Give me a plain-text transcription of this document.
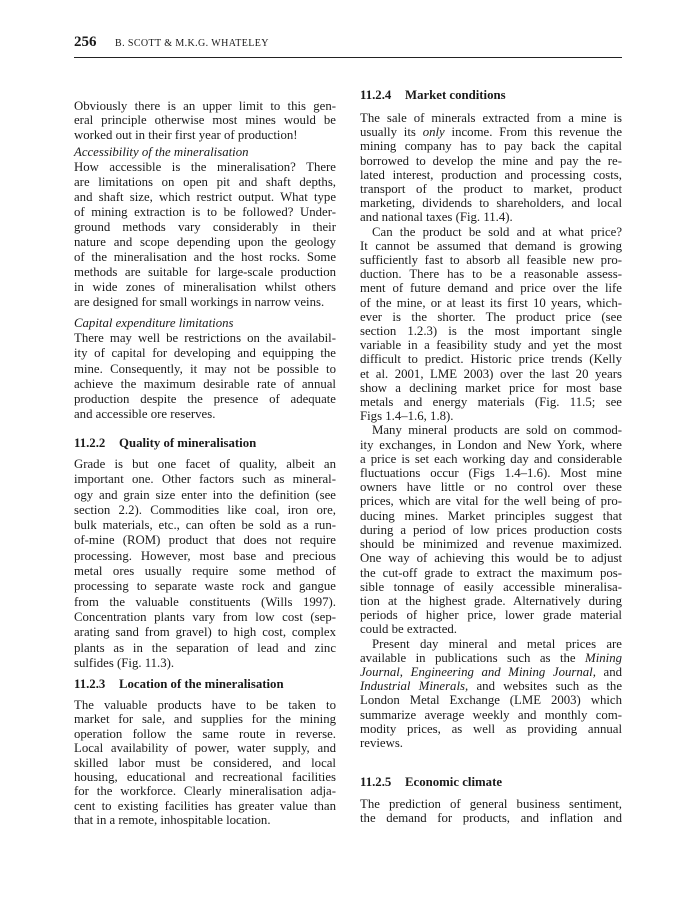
256 B. SCOTT & M.K.G. WHATELEY
Obviously there is an upper limit to this gen-
eral principle otherwise most mines would be
worked out in their first year of production!
Accessibility of the mineralisation
How accessible is the mineralisation? There
are limitations on open pit and shaft depths,
and shaft size, which restrict output. What type
of mining extraction is to be followed? Under-
ground methods vary considerably in their
nature and scope depending upon the geology
of the mineralisation and the host rocks. Some
methods are suitable for large-scale production
in wide zones of mineralisation whilst others
are designed for small workings in narrow veins.
Capital expenditure limitations
There may well be restrictions on the availabil-
ity of capital for developing and equipping the
mine. Consequently, it may not be possible to
achieve the maximum desirable rate of annual
production despite the presence of adequate
and accessible ore reserves.
11.2.2 Quality of mineralisation
Grade is but one facet of quality, albeit an
important one. Other factors such as mineral-
ogy and grain size enter into the definition (see
section 2.2). Commodities like coal, iron ore,
bulk materials, etc., can often be sold as a run-
of-mine (ROM) product that does not require
processing. However, most base and precious
metal ores usually require some method of
processing to separate waste rock and gangue
from the valuable constituents (Wills 1997).
Concentration plants vary from low cost (sep-
arating sand from gravel) to high cost, complex
plants as in the separation of lead and zinc
sulfides (Fig. 11.3).
11.2.3 Location of the mineralisation
The valuable products have to be taken to
market for sale, and supplies for the mining
operation follow the same route in reverse.
Local availability of power, water supply, and
skilled labor must be considered, and local
housing, educational and recreational facilities
for the workforce. Clearly mineralisation adja-
cent to existing facilities has greater value than
that in a remote, inhospitable location.
11.2.4 Market conditions
The sale of minerals extracted from a mine is
usually its only income. From this revenue the
mining company has to pay back the capital
borrowed to develop the mine and pay the re-
lated interest, production and processing costs,
transport of the product to market, product
marketing, dividends to shareholders, and local
and national taxes (Fig. 11.4).
Can the product be sold and at what price?
It cannot be assumed that demand is growing
sufficiently fast to absorb all feasible new pro-
duction. There has to be a reasonable assess-
ment of future demand and price over the life
of the mine, or at least its first 10 years, which-
ever is the shorter. The product price (see
section 1.2.3) is the most important single
variable in a feasibility study and yet the most
difficult to predict. Historic price trends (Kelly
et al. 2001, LME 2003) over the last 20 years
show a declining market price for most base
metals and energy materials (Fig. 11.5; see
Figs 1.4–1.6, 1.8).
Many mineral products are sold on commod-
ity exchanges, in London and New York, where
a price is set each working day and considerable
fluctuations occur (Figs 1.4–1.6). Most mine
owners have little or no control over these
prices, which are vital for the well being of pro-
ducing mines. Market principles suggest that
during a period of low prices production costs
should be minimized and revenue maximized.
One way of achieving this would be to adjust
the cut-off grade to extract the maximum pos-
sible tonnage of easily accessible mineralisa-
tion at the highest grade. Alternatively during
periods of higher price, lower grade material
could be extracted.
Present day mineral and metal prices are
available in publications such as the Mining
Journal, Engineering and Mining Journal, and
Industrial Minerals, and websites such as the
London Metal Exchange (LME 2003) which
summarize average weekly and monthly com-
modity prices, as well as providing annual
reviews.
11.2.5 Economic climate
The prediction of general business sentiment,
the demand for products, and inflation and
